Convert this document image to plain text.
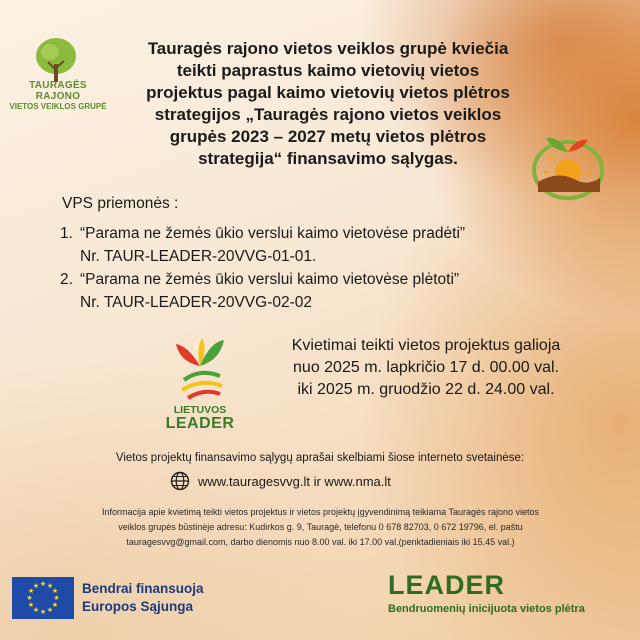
TAURAGĖS RAJONO
VIETOS VEIKLOS GRUPĖ
Tauragės rajono vietos veiklos grupė kviečia
teikti paprastus kaimo vietovių vietos
projektus pagal kaimo vietovių vietos plėtros
strategijos „Tauragės rajono vietos veiklos
grupės 2023 – 2027 metų vietos plėtros
strategija“ finansavimo sąlygas.
VPS priemonės :
1. “Parama ne žemės ūkio verslui kaimo vietovėse pradėti”
Nr. TAUR-LEADER-20VVG-01-01.
2. “Parama ne žemės ūkio verslui kaimo vietovėse plėtoti”
Nr. TAUR-LEADER-20VVG-02-02
LIETUVOS
LEADER
Kvietimai teikti vietos projektus galioja
nuo 2025 m. lapkričio 17 d. 00.00 val.
iki 2025 m. gruodžio 22 d. 24.00 val.
Vietos projektų finansavimo sąlygų aprašai skelbiami šiose interneto svetainėse:
www.tauragesvvg.lt ir www.nma.lt
Informacija apie kvietimą teikti vietos projektus ir vietos projektų įgyvendinimą teikiama Tauragės rajono vietos
veiklos grupės būstinėje adresu: Kudirkos g. 9, Tauragė, telefonu 0 678 82703, 0 672 19796, el. paštu
tauragesvvg@gmail.com, darbo dienomis nuo 8.00 val. iki 17.00 val.(penktadieniais iki 15.45 val.)
★ ★
★
★
★
★
★
★
★
★
★
★	Bendrai finansuoja
Europos Sąjunga
LEADER
Bendruomenių inicijuota vietos plėtra
